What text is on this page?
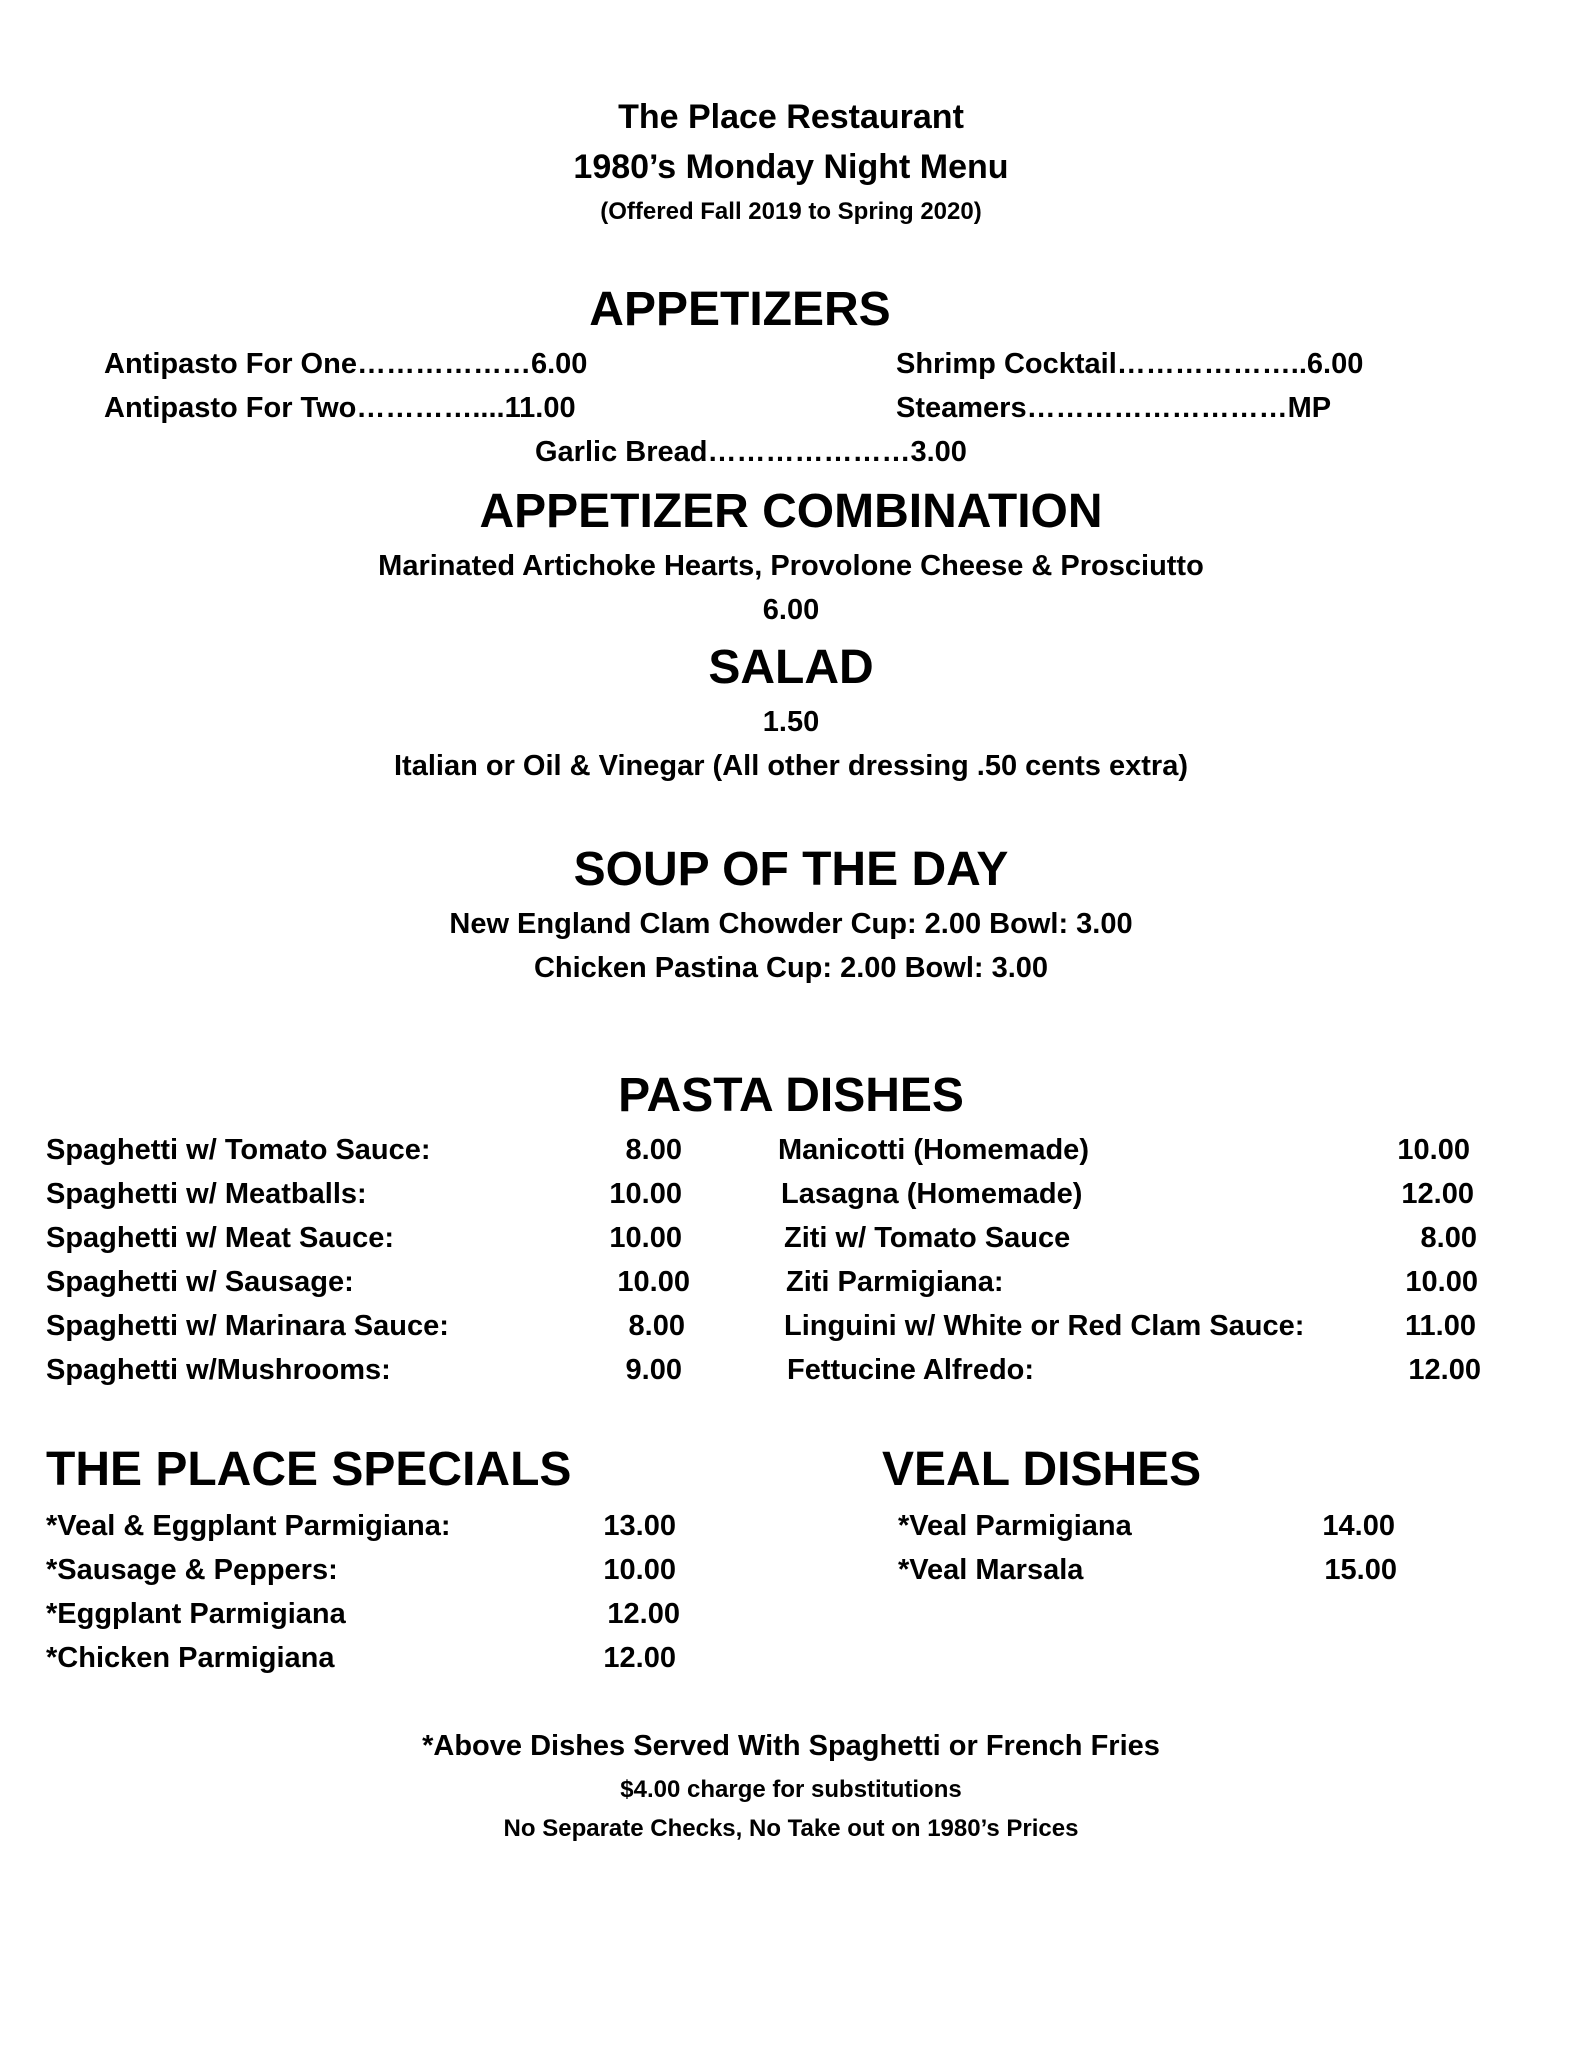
The Place Restaurant
1980’s Monday Night Menu
(Offered Fall 2019 to Spring 2020)
APPETIZERS
Antipasto For One………………6.00
Antipasto For Two…………....11.00
Shrimp Cocktail………………..6.00
Steamers………………………MP
Garlic Bread…………………3.00
APPETIZER COMBINATION
Marinated Artichoke Hearts, Provolone Cheese & Prosciutto
6.00
SALAD
1.50
Italian or Oil & Vinegar (All other dressing .50 cents extra)
SOUP OF THE DAY
New England Clam Chowder Cup: 2.00 Bowl: 3.00
Chicken Pastina Cup: 2.00 Bowl: 3.00
PASTA DISHES
Spaghetti w/ Tomato Sauce:	8.00
Spaghetti w/ Meatballs:	10.00
Spaghetti w/ Meat Sauce:	10.00
Spaghetti w/ Sausage:	10.00
Spaghetti w/ Marinara Sauce:	8.00
Spaghetti w/Mushrooms:	9.00
Manicotti (Homemade)	10.00
Lasagna (Homemade)	12.00
Ziti w/ Tomato Sauce	8.00
Ziti Parmigiana:	10.00
Linguini w/ White or Red Clam Sauce:	11.00
Fettucine Alfredo:	12.00
THE PLACE SPECIALS
*Veal & Eggplant Parmigiana:	13.00
*Sausage & Peppers:	10.00
*Eggplant Parmigiana	12.00
*Chicken Parmigiana	12.00
VEAL DISHES
*Veal Parmigiana	14.00
*Veal Marsala	15.00
*Above Dishes Served With Spaghetti or French Fries
$4.00 charge for substitutions
No Separate Checks, No Take out on 1980’s Prices
